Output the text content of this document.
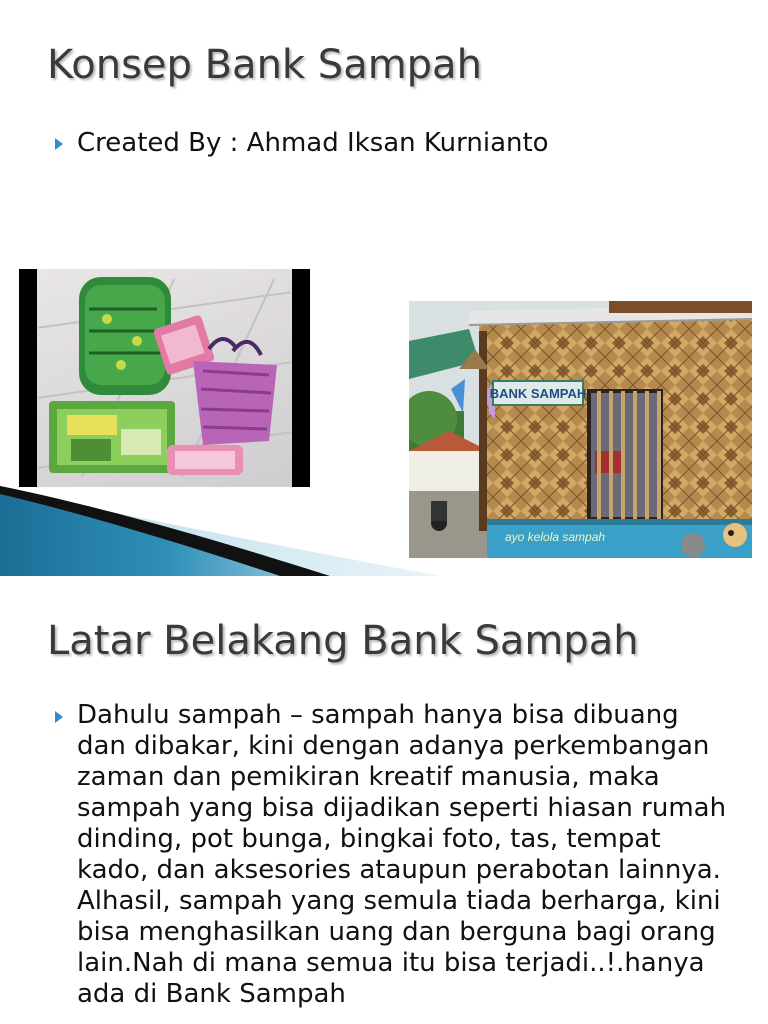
Konsep Bank Sampah
Created By : Ahmad Iksan Kurnianto
BANK SAMPAH
ayo kelola sampah
Latar Belakang Bank Sampah
Dahulu sampah – sampah hanya bisa dibuang dan dibakar, kini dengan adanya perkembangan zaman dan pemikiran kreatif manusia, maka sampah yang bisa dijadikan seperti hiasan rumah dinding, pot bunga, bingkai foto, tas, tempat kado, dan aksesories ataupun perabotan lainnya. Alhasil, sampah yang semula tiada berharga, kini bisa menghasilkan uang dan berguna bagi orang lain.Nah di mana semua itu bisa terjadi..!.hanya ada di Bank Sampah
